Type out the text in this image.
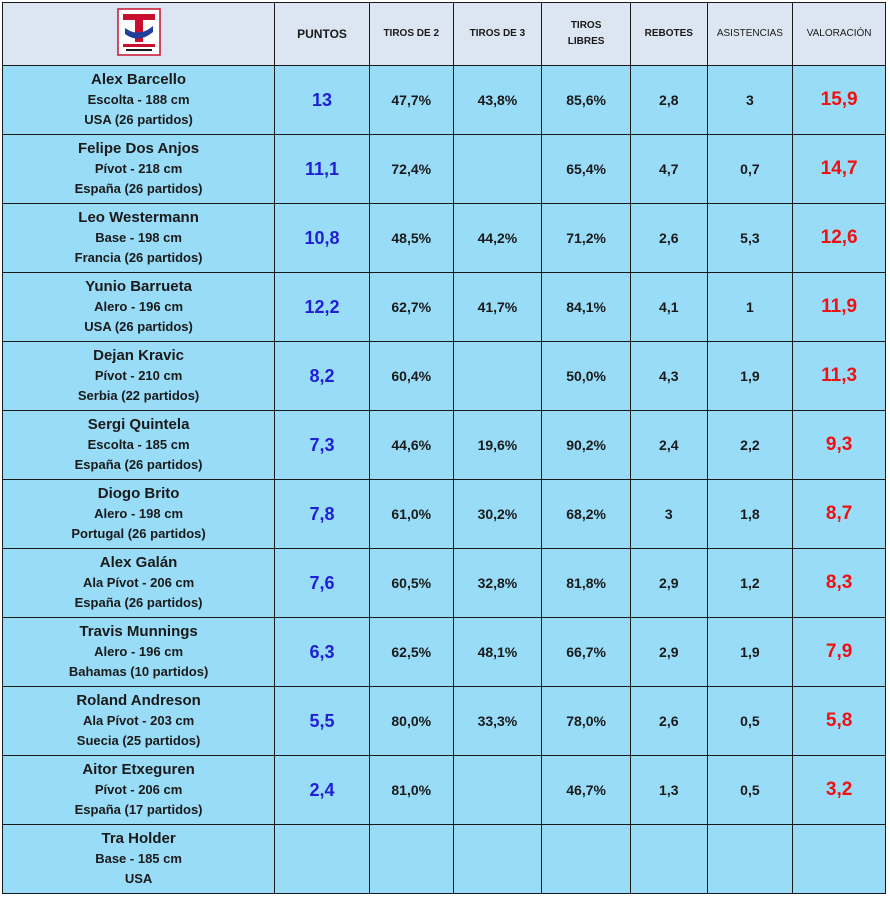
	PUNTOS	TIROS DE 2	TIROS DE 3	TIROS
LIBRES	REBOTES	ASISTENCIAS	VALORACIÓN

Alex Barcello
Escolta - 188 cm
USA (26 partidos)	13	47,7%	43,8%	85,6%	2,8	3	15,9

Felipe Dos Anjos
Pívot - 218 cm
España (26 partidos)	11,1	72,4%		65,4%	4,7	0,7	14,7

Leo Westermann
Base - 198 cm
Francia (26 partidos)	10,8	48,5%	44,2%	71,2%	2,6	5,3	12,6

Yunio Barrueta
Alero - 196 cm
USA (26 partidos)	12,2	62,7%	41,7%	84,1%	4,1	1	11,9

Dejan Kravic
Pívot - 210 cm
Serbia (22 partidos)	8,2	60,4%		50,0%	4,3	1,9	11,3

Sergi Quintela
Escolta - 185 cm
España (26 partidos)	7,3	44,6%	19,6%	90,2%	2,4	2,2	9,3

Diogo Brito
Alero - 198 cm
Portugal (26 partidos)	7,8	61,0%	30,2%	68,2%	3	1,8	8,7

Alex Galán
Ala Pívot - 206 cm
España (26 partidos)	7,6	60,5%	32,8%	81,8%	2,9	1,2	8,3

Travis Munnings
Alero - 196 cm
Bahamas (10 partidos)	6,3	62,5%	48,1%	66,7%	2,9	1,9	7,9

Roland Andreson
Ala Pívot - 203 cm
Suecia (25 partidos)	5,5	80,0%	33,3%	78,0%	2,6	0,5	5,8

Aitor Etxeguren
Pívot - 206 cm
España (17 partidos)	2,4	81,0%		46,7%	1,3	0,5	3,2

Tra Holder
Base - 185 cm
USA							
